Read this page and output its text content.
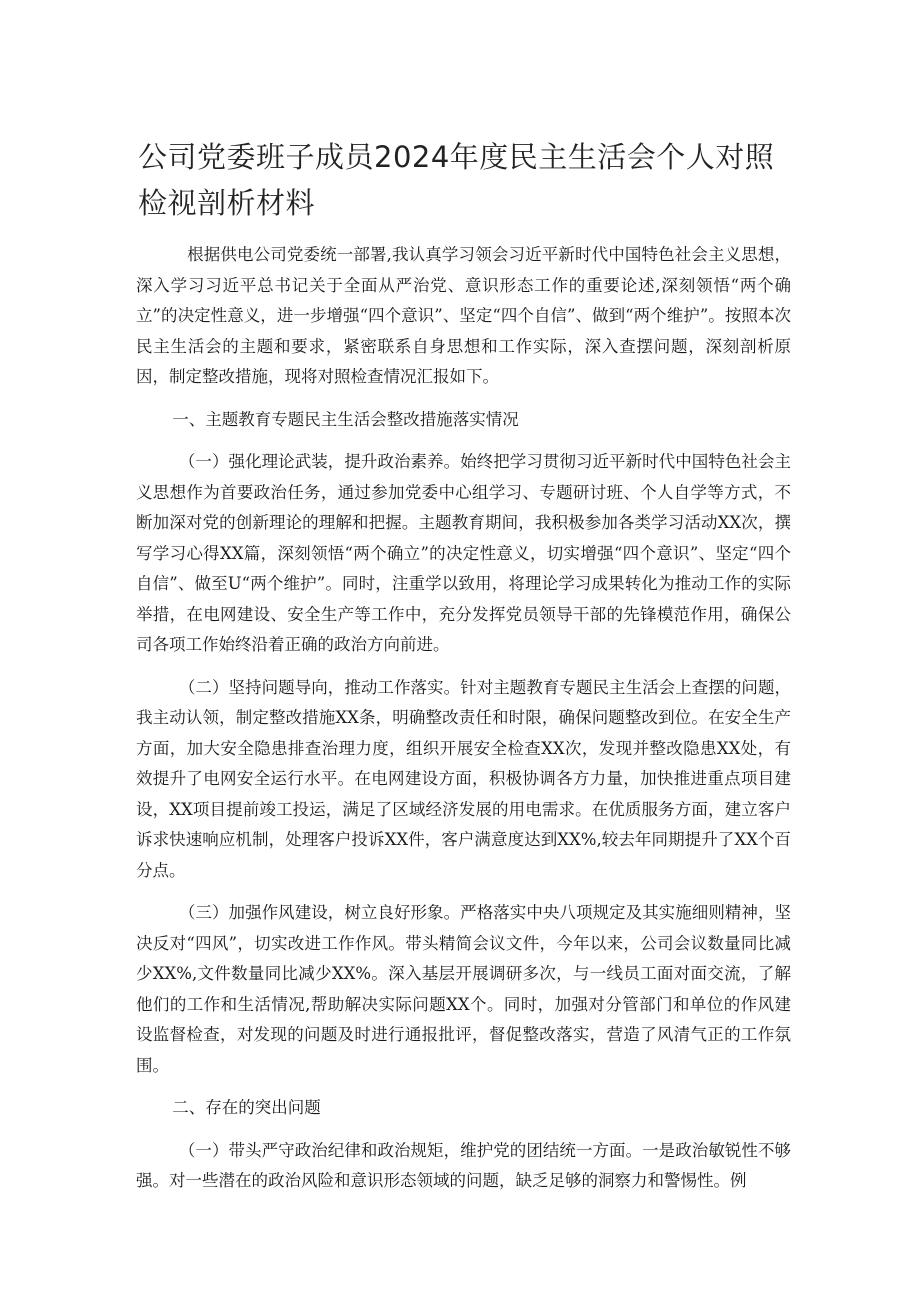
公司党委班子成员2024年度民主生活会个人对照检视剖析材料

根据供电公司党委统一部署,我认真学习领会习近平新时代中国特色社会主义思想，深入学习习近平总书记关于全面从严治党、意识形态工作的重要论述,深刻领悟“两个确立”的决定性意义，进一步增强“四个意识”、坚定“四个自信”、做到“两个维护”。按照本次民主生活会的主题和要求，紧密联系自身思想和工作实际，深入查摆问题，深刻剖析原因，制定整改措施，现将对照检查情况汇报如下。

一、主题教育专题民主生活会整改措施落实情况

（一）强化理论武装，提升政治素养。始终把学习贯彻习近平新时代中国特色社会主义思想作为首要政治任务，通过参加党委中心组学习、专题研讨班、个人自学等方式，不断加深对党的创新理论的理解和把握。主题教育期间，我积极参加各类学习活动XX次，撰写学习心得XX篇，深刻领悟“两个确立”的决定性意义，切实增强“四个意识”、坚定“四个自信”、做至U“两个维护”。同时，注重学以致用，将理论学习成果转化为推动工作的实际举措，在电网建设、安全生产等工作中，充分发挥党员领导干部的先锋模范作用，确保公司各项工作始终沿着正确的政治方向前进。

（二）坚持问题导向，推动工作落实。针对主题教育专题民主生活会上查摆的问题，我主动认领，制定整改措施XX条，明确整改责任和时限，确保问题整改到位。在安全生产方面，加大安全隐患排查治理力度，组织开展安全检查XX次，发现并整改隐患XX处，有效提升了电网安全运行水平。在电网建设方面，积极协调各方力量，加快推进重点项目建设，XX项目提前竣工投运，满足了区域经济发展的用电需求。在优质服务方面，建立客户诉求快速响应机制，处理客户投诉XX件，客户满意度达到XX%,较去年同期提升了XX个百分点。

（三）加强作风建设，树立良好形象。严格落实中央八项规定及其实施细则精神，坚决反对“四风”，切实改进工作作风。带头精简会议文件，今年以来，公司会议数量同比减少XX%,文件数量同比减少XX%。深入基层开展调研多次，与一线员工面对面交流，了解他们的工作和生活情况,帮助解决实际问题XX个。同时，加强对分管部门和单位的作风建设监督检查，对发现的问题及时进行通报批评，督促整改落实，营造了风清气正的工作氛围。

二、存在的突出问题

（一）带头严守政治纪律和政治规矩，维护党的团结统一方面。一是政治敏锐性不够强。对一些潜在的政治风险和意识形态领域的问题，缺乏足够的洞察力和警惕性。例
